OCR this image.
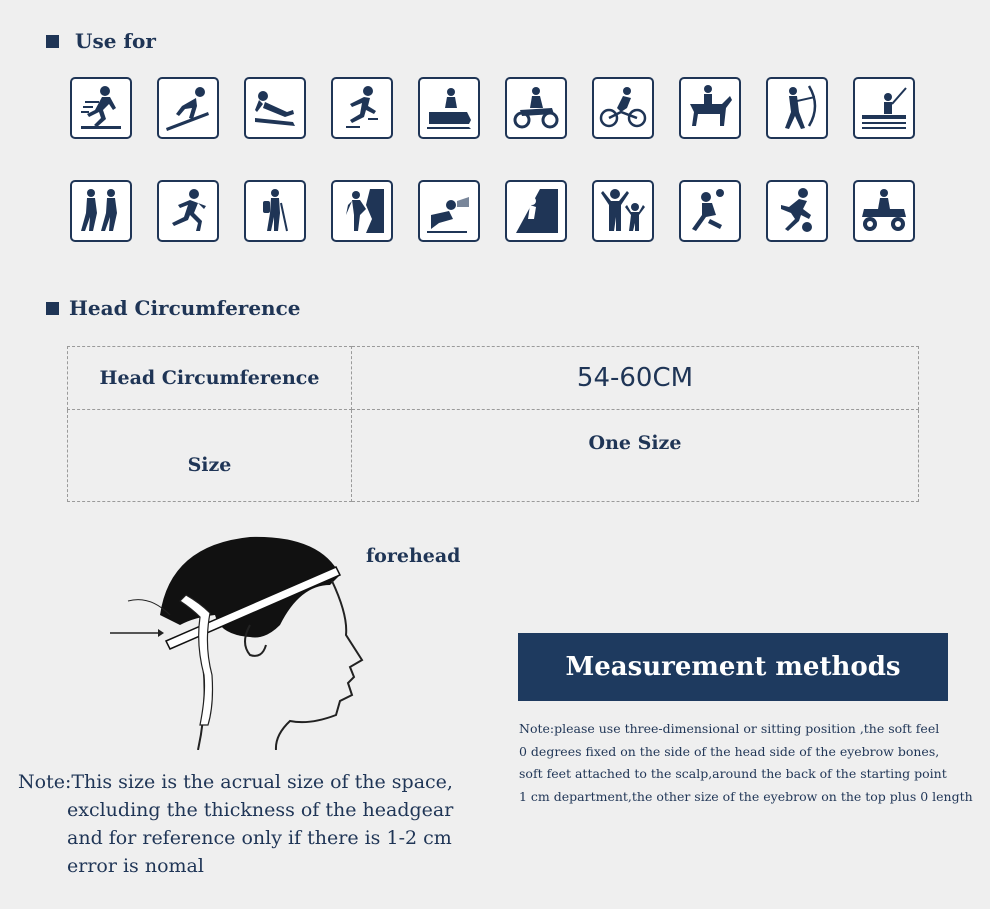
Use for
Head Circumference
Head Circumference	54-60CM
Size	One Size
forehead
Measurement methods
Note:please use three-dimensional or sitting position ,the soft feel
0 degrees fixed on the side of the head side of the eyebrow bones,
soft feet attached to the scalp,around the back of the starting point
1 cm department,the other size of the eyebrow on the top plus 0 length
Note:This size is the acrual size of the space,
excluding the thickness of the headgear
and for reference only if there is 1-2 cm
error is nomal
